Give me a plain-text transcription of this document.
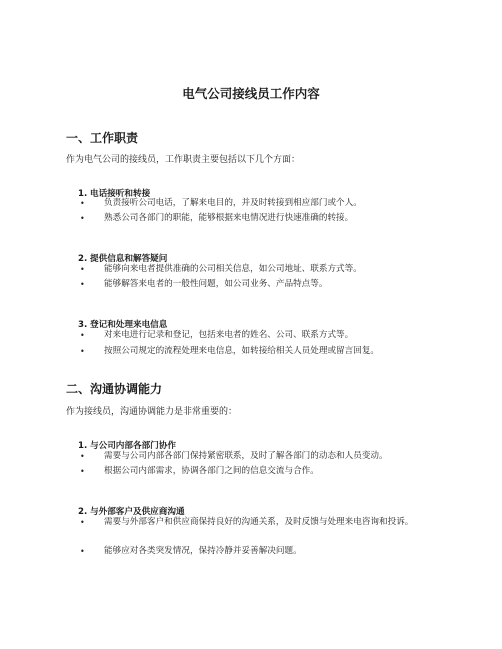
电气公司接线员工作内容
一、工作职责
作为电气公司的接线员，工作职责主要包括以下几个方面：
1. 电话接听和转接
•	负责接听公司电话，了解来电目的，并及时转接到相应部门或个人。
•	熟悉公司各部门的职能，能够根据来电情况进行快速准确的转接。
2. 提供信息和解答疑问
•	能够向来电者提供准确的公司相关信息，如公司地址、联系方式等。
•	能够解答来电者的一般性问题，如公司业务、产品特点等。
3. 登记和处理来电信息
•	对来电进行记录和登记，包括来电者的姓名、公司、联系方式等。
•	按照公司规定的流程处理来电信息，如转接给相关人员处理或留言回复。
二、沟通协调能力
作为接线员，沟通协调能力是非常重要的：
1. 与公司内部各部门协作
•	需要与公司内部各部门保持紧密联系，及时了解各部门的动态和人员变动。
•	根据公司内部需求，协调各部门之间的信息交流与合作。
2. 与外部客户及供应商沟通
•	需要与外部客户和供应商保持良好的沟通关系，及时反馈与处理来电咨询和投诉。
•	能够应对各类突发情况，保持冷静并妥善解决问题。
